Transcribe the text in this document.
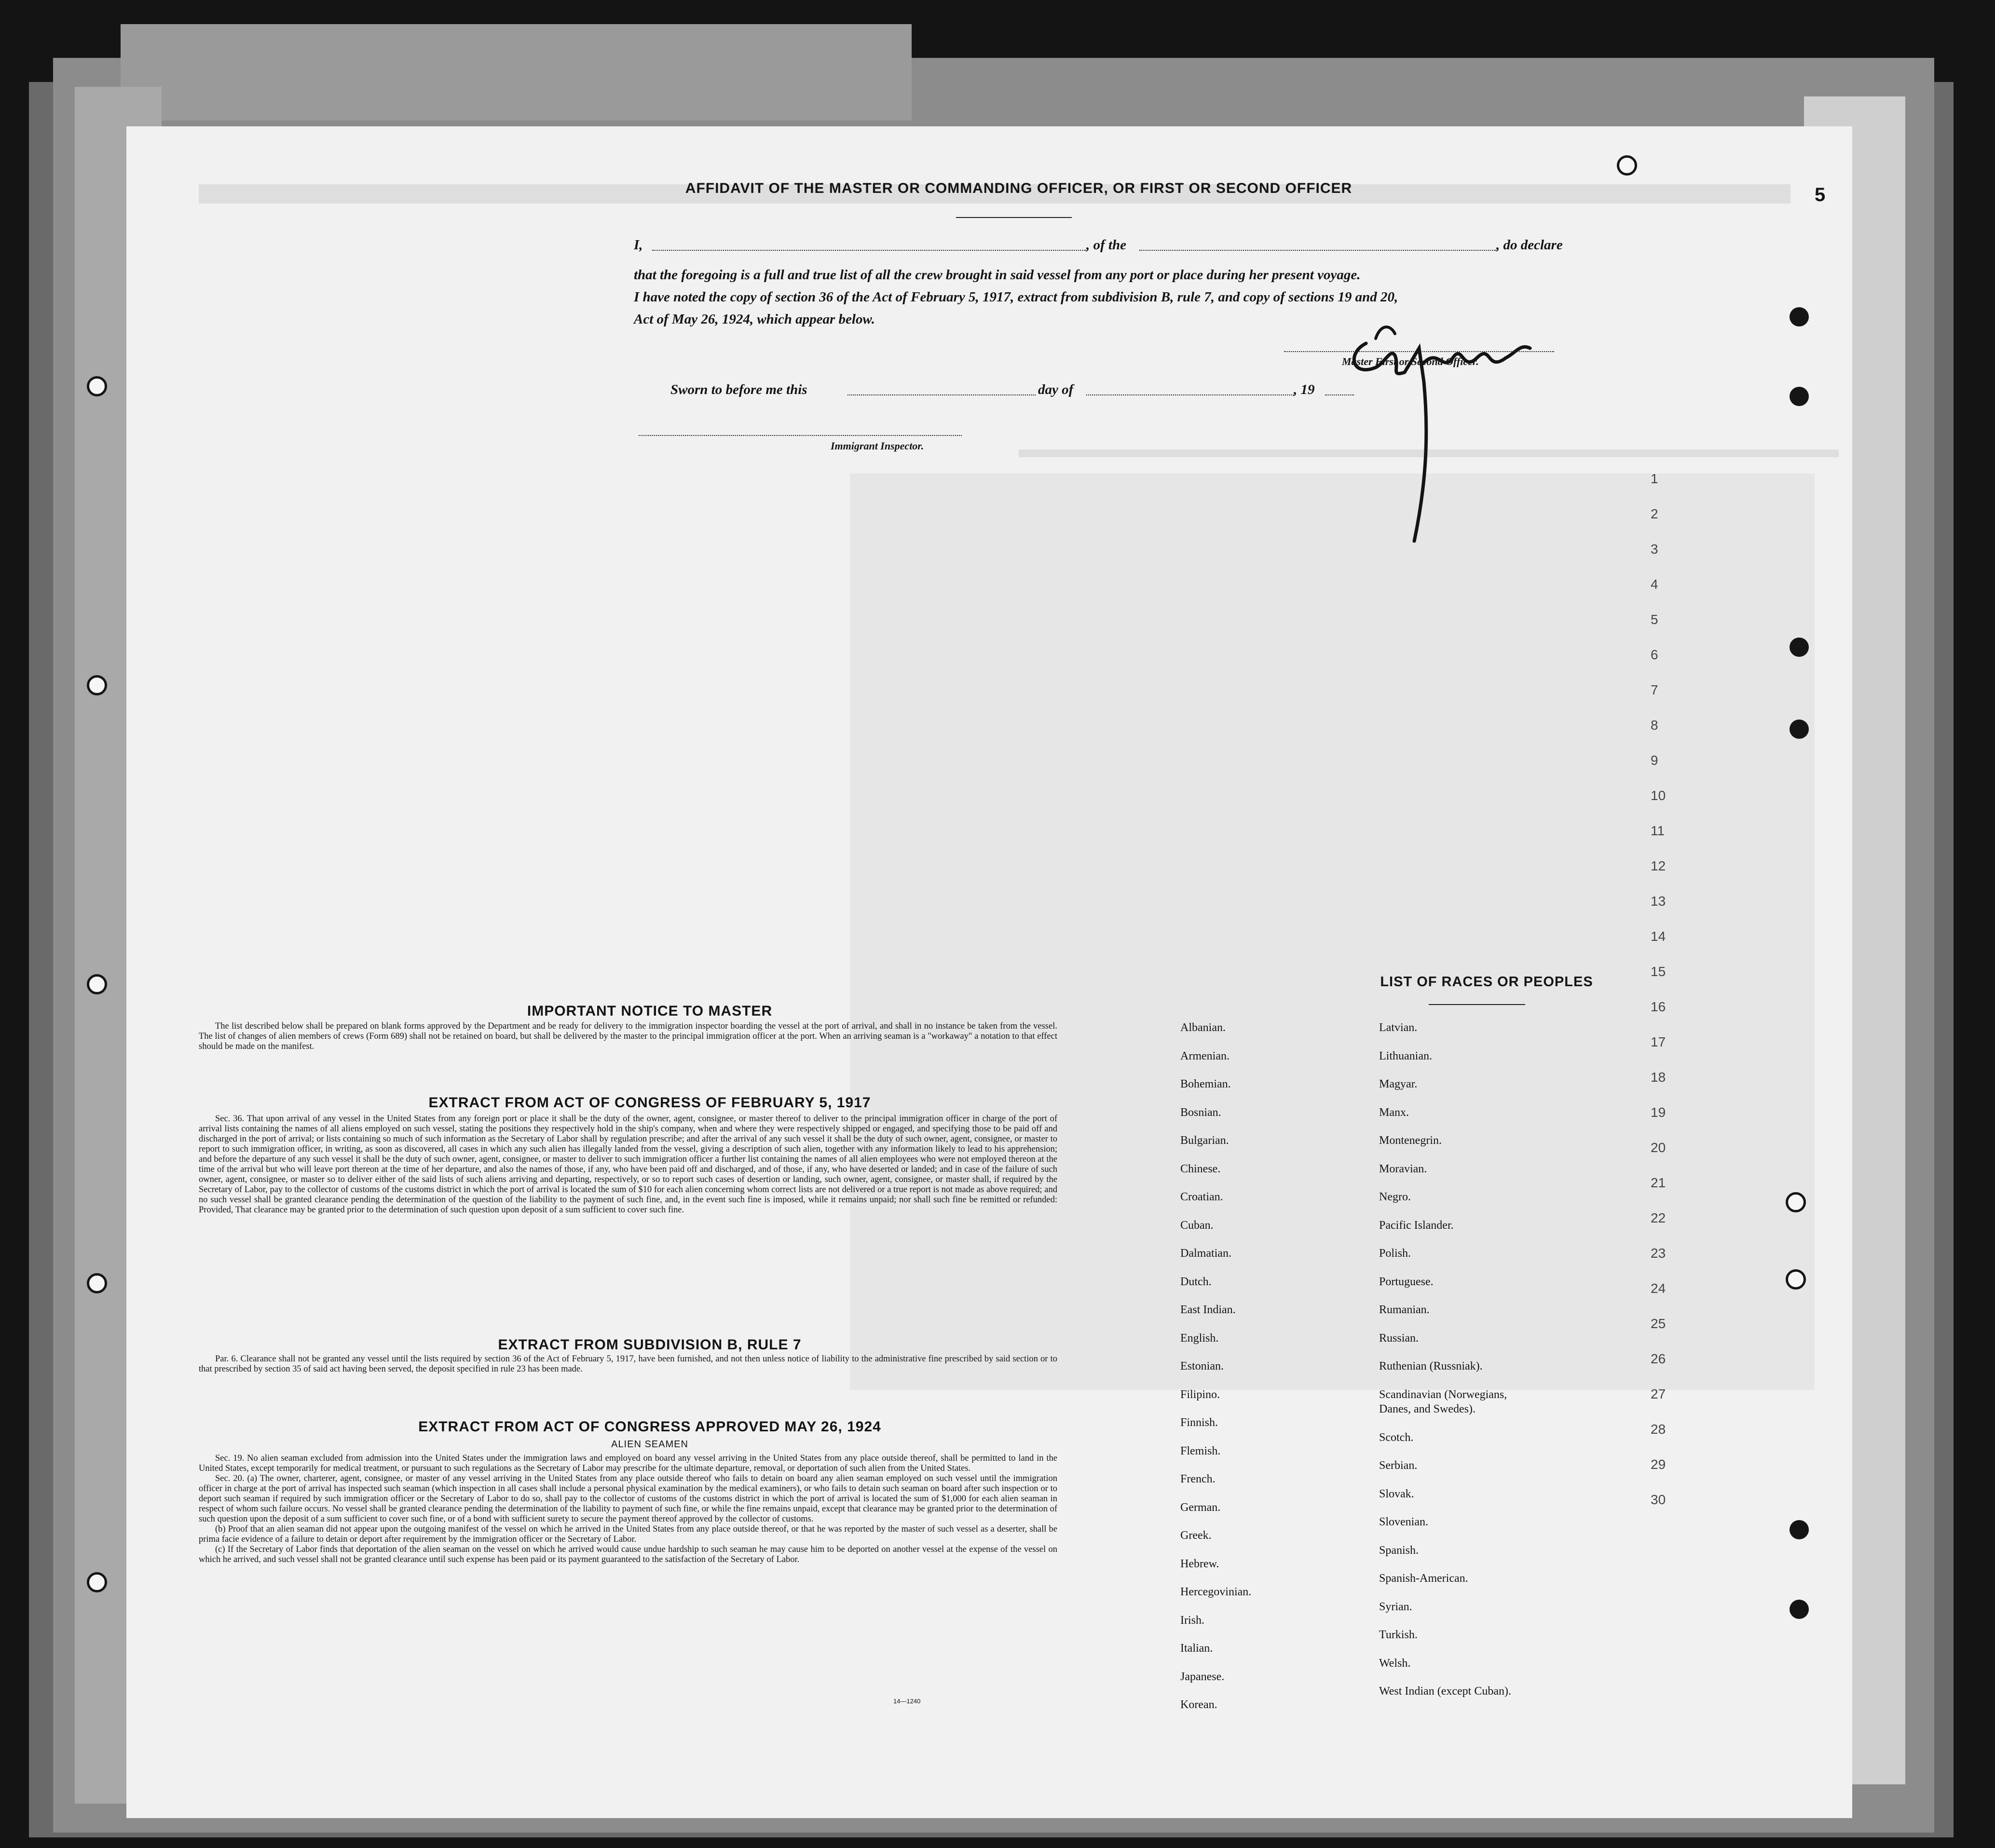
5
1
2
3
4
5
6
7
8
9
10
11
12
13
14
15
16
17
18
19
20
21
22
23
24
25
26
27
28
29
30
AFFIDAVIT OF THE MASTER OR COMMANDING OFFICER, OR FIRST OR SECOND OFFICER
I,	, of the	, do declare
that the foregoing is a full and true list of all the crew brought in said vessel from any port or place during her present voyage.
I have noted the copy of section 36 of the Act of February 5, 1917, extract from subdivision B, rule 7, and copy of sections 19 and 20,
Act of May 26, 1924, which appear below.
Master First or Second Officer.
Sworn to before me this	day of	, 19
Immigrant Inspector.
IMPORTANT NOTICE TO MASTER

The list described below shall be prepared on blank forms approved by the Department and be ready for delivery to the immigration inspector boarding the vessel at the port of arrival, and shall in no instance be taken from the vessel. The list of changes of alien members of crews (Form 689) shall not be retained on board, but shall be delivered by the master to the principal immigration officer at the port. When an arriving seaman is a "workaway" a notation to that effect should be made on the manifest.

EXTRACT FROM ACT OF CONGRESS OF FEBRUARY 5, 1917

Sec. 36. That upon arrival of any vessel in the United States from any foreign port or place it shall be the duty of the owner, agent, consignee, or master thereof to deliver to the principal immigration officer in charge of the port of arrival lists containing the names of all aliens employed on such vessel, stating the positions they respectively hold in the ship's company, when and where they were respectively shipped or engaged, and specifying those to be paid off and discharged in the port of arrival; or lists containing so much of such information as the Secretary of Labor shall by regulation prescribe; and after the arrival of any such vessel it shall be the duty of such owner, agent, consignee, or master to report to such immigration officer, in writing, as soon as discovered, all cases in which any such alien has illegally landed from the vessel, giving a description of such alien, together with any information likely to lead to his apprehension; and before the departure of any such vessel it shall be the duty of such owner, agent, consignee, or master to deliver to such immigration officer a further list containing the names of all alien employees who were not employed thereon at the time of the arrival but who will leave port thereon at the time of her departure, and also the names of those, if any, who have been paid off and discharged, and of those, if any, who have deserted or landed; and in case of the failure of such owner, agent, consignee, or master so to deliver either of the said lists of such aliens arriving and departing, respectively, or so to report such cases of desertion or landing, such owner, agent, consignee, or master shall, if required by the Secretary of Labor, pay to the collector of customs of the customs district in which the port of arrival is located the sum of $10 for each alien concerning whom correct lists are not delivered or a true report is not made as above required; and no such vessel shall be granted clearance pending the determination of the question of the liability to the payment of such fine, and, in the event such fine is imposed, while it remains unpaid; nor shall such fine be remitted or refunded: Provided, That clearance may be granted prior to the determination of such question upon deposit of a sum sufficient to cover such fine.

EXTRACT FROM SUBDIVISION B, RULE 7

Par. 6. Clearance shall not be granted any vessel until the lists required by section 36 of the Act of February 5, 1917, have been furnished, and not then unless notice of liability to the administrative fine prescribed by said section or to that prescribed by section 35 of said act having been served, the deposit specified in rule 23 has been made.

EXTRACT FROM ACT OF CONGRESS APPROVED MAY 26, 1924
ALIEN SEAMEN

Sec. 19. No alien seaman excluded from admission into the United States under the immigration laws and employed on board any vessel arriving in the United States from any place outside thereof, shall be permitted to land in the United States, except temporarily for medical treatment, or pursuant to such regulations as the Secretary of Labor may prescribe for the ultimate departure, removal, or deportation of such alien from the United States.

Sec. 20. (a) The owner, charterer, agent, consignee, or master of any vessel arriving in the United States from any place outside thereof who fails to detain on board any alien seaman employed on such vessel until the immigration officer in charge at the port of arrival has inspected such seaman (which inspection in all cases shall include a personal physical examination by the medical examiners), or who fails to detain such seaman on board after such inspection or to deport such seaman if required by such immigration officer or the Secretary of Labor to do so, shall pay to the collector of customs of the customs district in which the port of arrival is located the sum of $1,000 for each alien seaman in respect of whom such failure occurs. No vessel shall be granted clearance pending the determination of the liability to payment of such fine, or while the fine remains unpaid, except that clearance may be granted prior to the determination of such question upon the deposit of a sum sufficient to cover such fine, or of a bond with sufficient surety to secure the payment thereof approved by the collector of customs.

(b) Proof that an alien seaman did not appear upon the outgoing manifest of the vessel on which he arrived in the United States from any place outside thereof, or that he was reported by the master of such vessel as a deserter, shall be prima facie evidence of a failure to detain or deport after requirement by the immigration officer or the Secretary of Labor.

(c) If the Secretary of Labor finds that deportation of the alien seaman on the vessel on which he arrived would cause undue hardship to such seaman he may cause him to be deported on another vessel at the expense of the vessel on which he arrived, and such vessel shall not be granted clearance until such expense has been paid or its payment guaranteed to the satisfaction of the Secretary of Labor.

14—1240
LIST OF RACES OR PEOPLES
Albanian.
Armenian.
Bohemian.
Bosnian.
Bulgarian.
Chinese.
Croatian.
Cuban.
Dalmatian.
Dutch.
East Indian.
English.
Estonian.
Filipino.
Finnish.
Flemish.
French.
German.
Greek.
Hebrew.
Hercegovinian.
Irish.
Italian.
Japanese.
Korean.
Latvian.
Lithuanian.
Magyar.
Manx.
Montenegrin.
Moravian.
Negro.
Pacific Islander.
Polish.
Portuguese.
Rumanian.
Russian.
Ruthenian (Russniak).
Scandinavian (Norwegians,
Danes, and Swedes).
Scotch.
Serbian.
Slovak.
Slovenian.
Spanish.
Spanish-American.
Syrian.
Turkish.
Welsh.
West Indian (except Cuban).
